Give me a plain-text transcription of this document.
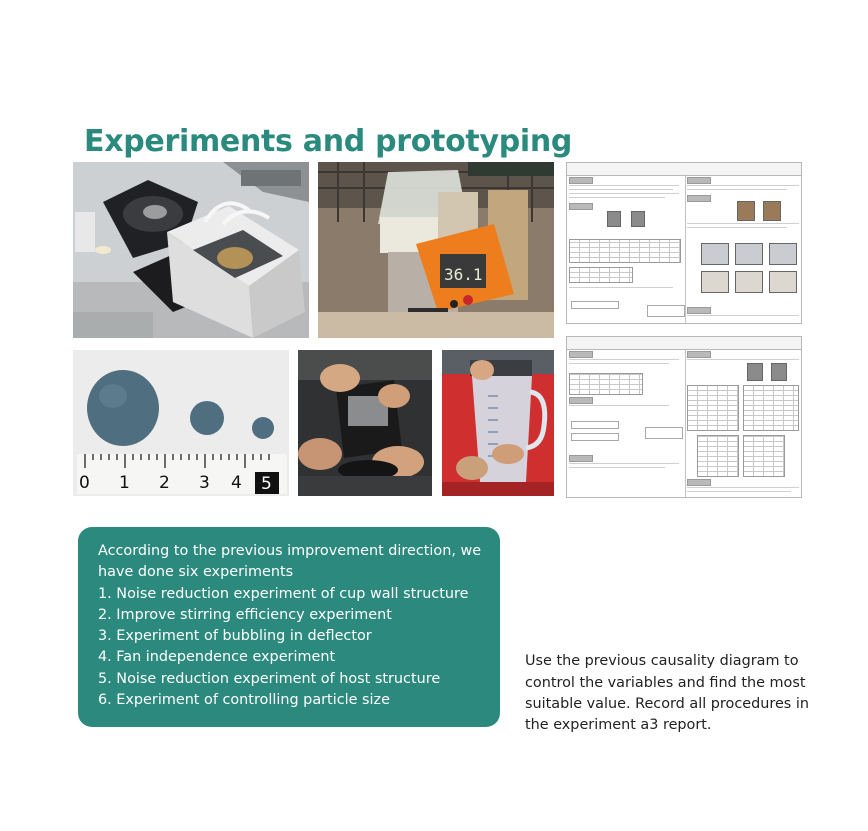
Experiments and prototyping
36.1
0 1 2 3 4 5

According to the previous improvement direction, we have done six experiments

1. Noise reduction experiment of cup wall structure
2. Improve stirring efficiency experiment
3. Experiment of bubbling in deflector
4. Fan independence experiment
5. Noise reduction experiment of host structure
6. Experiment of controlling particle size

Use the previous causality diagram to control the variables and find the most suitable value. Record all procedures in the experiment a3 report.
